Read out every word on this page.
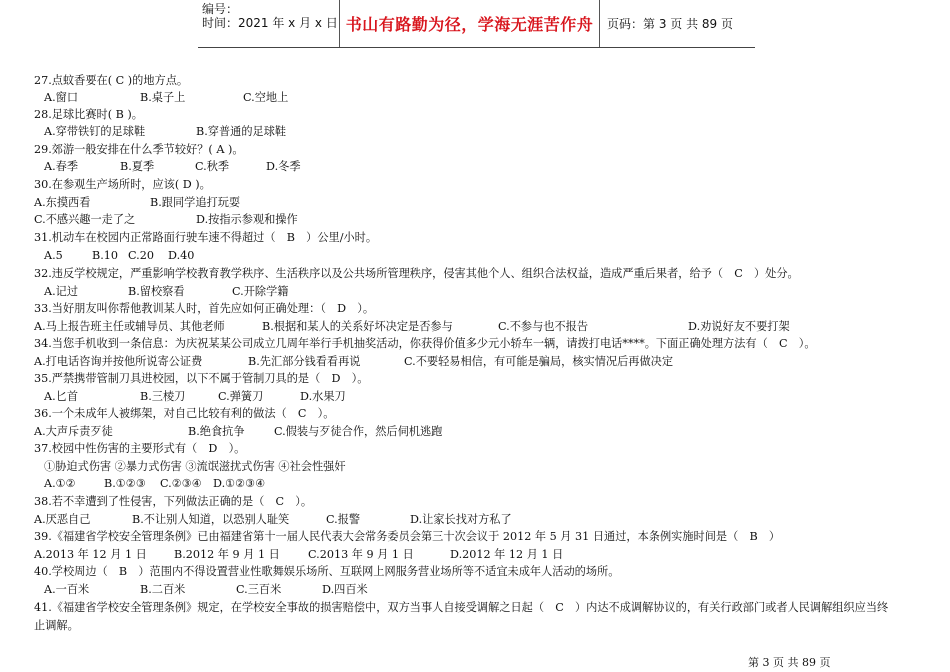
编号：
时间：2021 年 x 月 x 日 书山有路勤为径，学海无涯苦作舟 页码：第 3 页 共 89 页
27.点蚊香要在( C )的地方点。
A.窗口	B.桌子上	C.空地上
28.足球比赛时( B )。
A.穿带铁钉的足球鞋	B.穿普通的足球鞋
29.郊游一般安排在什么季节较好？( A )。
A.春季	B.夏季	C.秋季	D.冬季
30.在参观生产场所时，应该( D )。
A.东摸西看	B.跟同学追打玩耍
C.不感兴趣一走了之	D.按指示参观和操作
31.机动车在校园内正常路面行驶车速不得超过（　B　）公里/小时。
A.5	B.10 C.20 D.40
32.违反学校规定，严重影响学校教育教学秩序、生活秩序以及公共场所管理秩序，侵害其他个人、组织合法权益，造成严重后果者，给予（　C　）处分。
A.记过	B.留校察看	C.开除学籍
33.当好朋友叫你帮他教训某人时，首先应如何正确处理：（　D　）。
A.马上报告班主任或辅导员、其他老师	B.根据和某人的关系好坏决定是否参与	C.不参与也不报告	D.劝说好友不要打架
34.当您手机收到一条信息：为庆祝某某公司成立几周年举行手机抽奖活动，你获得价值多少元小轿车一辆，请拨打电话****。下面正确处理方法有（　C　）。
A.打电话咨询并按他所说寄公证费	B.先汇部分钱看看再说	C.不要轻易相信，有可能是骗局，核实情况后再做决定
35.严禁携带管制刀具进校园，以下不属于管制刀具的是（　D　）。
A.匕首	B.三棱刀	C.弹簧刀	D.水果刀
36.一个未成年人被绑架，对自己比较有利的做法（　C　）。
A.大声斥责歹徒	B.绝食抗争	C.假装与歹徒合作，然后伺机逃跑
37.校园中性伤害的主要形式有（　D　）。
①胁迫式伤害 ②暴力式伤害 ③流氓滋扰式伤害 ④社会性强奸
A.①②	B.①②③ C.②③④ D.①②③④
38.若不幸遭到了性侵害，下列做法正确的是（　C　）。
A.厌恶自己	B.不让别人知道，以恐别人耻笑	C.报警	D.让家长找对方私了
39.《福建省学校安全管理条例》已由福建省第十一届人民代表大会常务委员会第三十次会议于 2012 年 5 月 31 日通过，本条例实施时间是（　B　）
A.2013 年 12 月 1 日 B.2012 年 9 月 1 日	C.2013 年 9 月 1 日	D.2012 年 12 月 1 日
40.学校周边（　B　）范围内不得设置营业性歌舞娱乐场所、互联网上网服务营业场所等不适宜未成年人活动的场所。
A.一百米	B.二百米	C.三百米	D.四百米
41.《福建省学校安全管理条例》规定，在学校安全事故的损害赔偿中，双方当事人自接受调解之日起（　C　）内达不成调解协议的，有关行政部门或者人民调解组织应当终
止调解。
第 3 页 共 89 页
